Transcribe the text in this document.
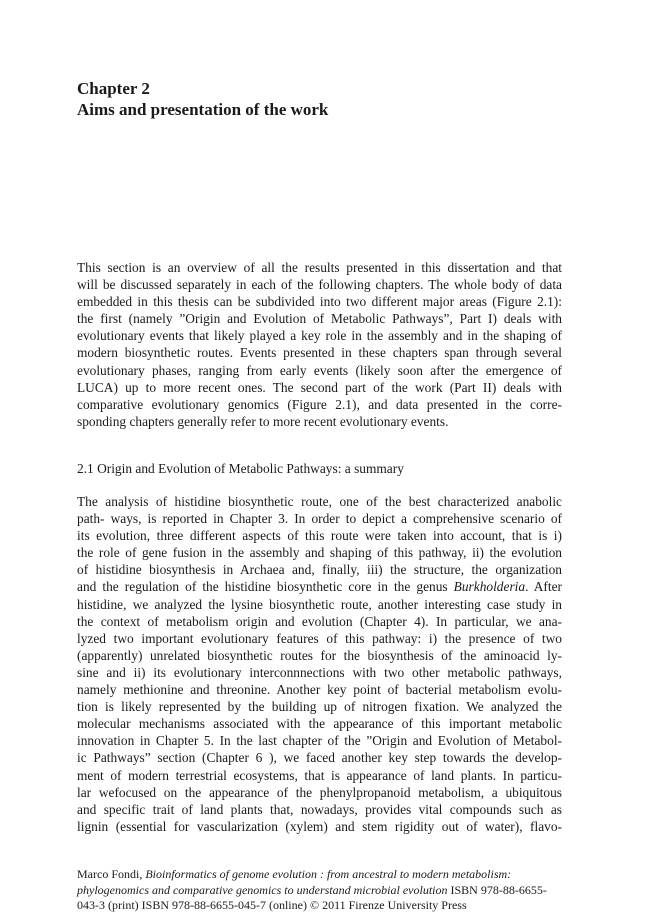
Chapter 2
Aims and presentation of the work
This section is an overview of all the results presented in this dissertation and that
will be discussed separately in each of the following chapters. The whole body of data
embedded in this thesis can be subdivided into two different major areas (Figure 2.1):
the first (namely ”Origin and Evolution of Metabolic Pathways”, Part I) deals with
evolutionary events that likely played a key role in the assembly and in the shaping of
modern biosynthetic routes. Events presented in these chapters span through several
evolutionary phases, ranging from early events (likely soon after the emergence of
LUCA) up to more recent ones. The second part of the work (Part II) deals with
comparative evolutionary genomics (Figure 2.1), and data presented in the corre-
sponding chapters generally refer to more recent evolutionary events.
2.1 Origin and Evolution of Metabolic Pathways: a summary
The analysis of histidine biosynthetic route, one of the best characterized anabolic
path- ways, is reported in Chapter 3. In order to depict a comprehensive scenario of
its evolution, three different aspects of this route were taken into account, that is i)
the role of gene fusion in the assembly and shaping of this pathway, ii) the evolution
of histidine biosynthesis in Archaea and, finally, iii) the structure, the organization
and the regulation of the histidine biosynthetic core in the genus Burkholderia. After
histidine, we analyzed the lysine biosynthetic route, another interesting case study in
the context of metabolism origin and evolution (Chapter 4). In particular, we ana-
lyzed two important evolutionary features of this pathway: i) the presence of two
(apparently) unrelated biosynthetic routes for the biosynthesis of the aminoacid ly-
sine and ii) its evolutionary interconnnections with two other metabolic pathways,
namely methionine and threonine. Another key point of bacterial metabolism evolu-
tion is likely represented by the building up of nitrogen fixation. We analyzed the
molecular mechanisms associated with the appearance of this important metabolic
innovation in Chapter 5. In the last chapter of the ”Origin and Evolution of Metabol-
ic Pathways” section (Chapter 6 ), we faced another key step towards the develop-
ment of modern terrestrial ecosystems, that is appearance of land plants. In particu-
lar wefocused on the appearance of the phenylpropanoid metabolism, a ubiquitous
and specific trait of land plants that, nowadays, provides vital compounds such as
lignin (essential for vascularization (xylem) and stem rigidity out of water), flavo-
Marco Fondi, Bioinformatics of genome evolution : from ancestral to modern metabolism:
phylogenomics and comparative genomics to understand microbial evolution ISBN 978-88-6655-
043-3 (print) ISBN 978-88-6655-045-7 (online) © 2011 Firenze University Press
